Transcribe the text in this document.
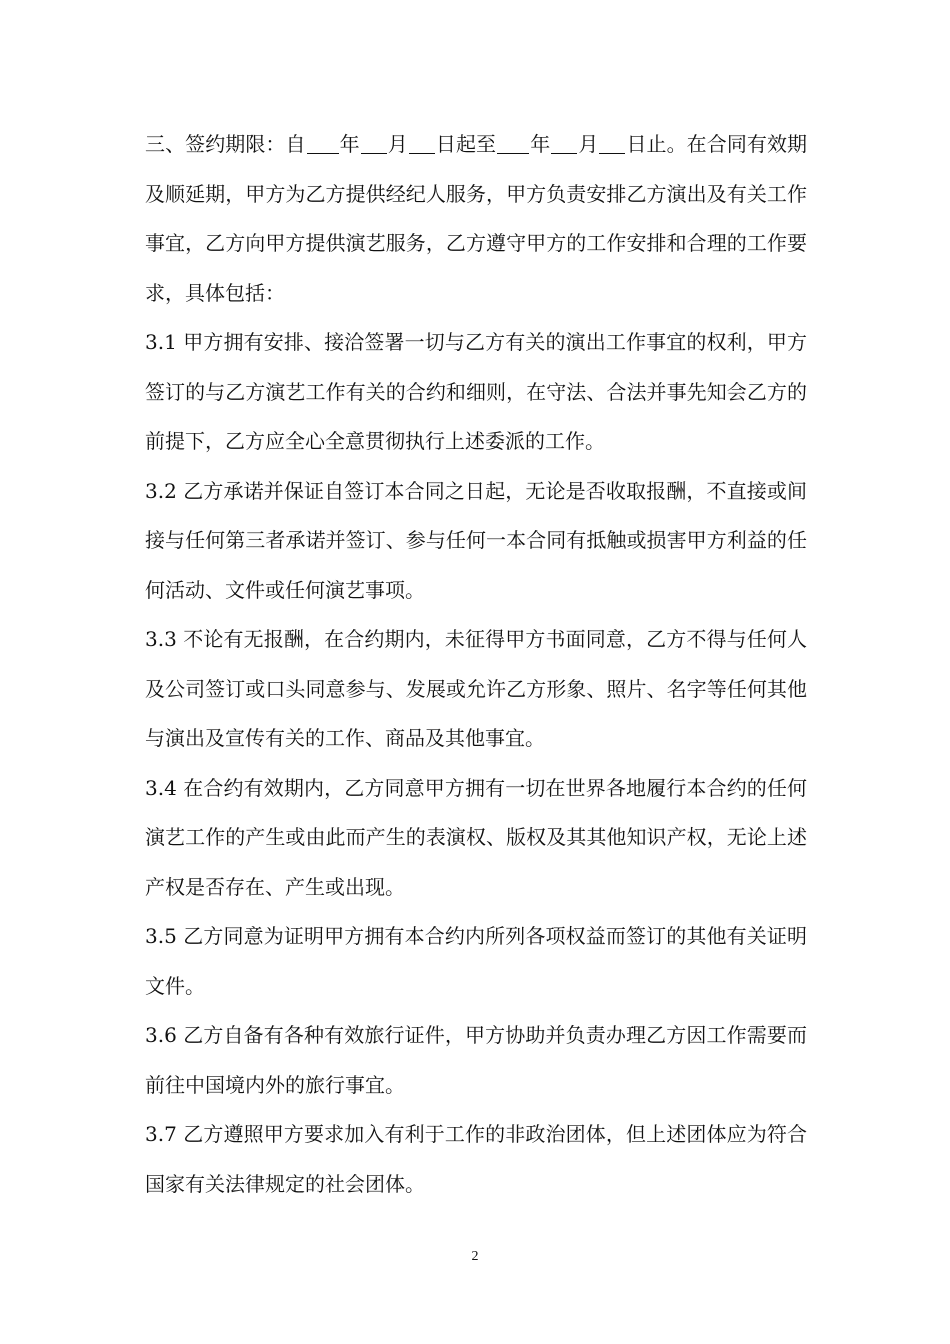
三、签约期限：自 年 月 日起至 年 月 日止。在合同有效期及顺延期，甲方为乙方提供经纪人服务，甲方负责安排乙方演出及有关工作事宜，乙方向甲方提供演艺服务，乙方遵守甲方的工作安排和合理的工作要求，具体包括：

3.1 甲方拥有安排、接洽签署一切与乙方有关的演出工作事宜的权利，甲方签订的与乙方演艺工作有关的合约和细则，在守法、合法并事先知会乙方的前提下，乙方应全心全意贯彻执行上述委派的工作。

3.2 乙方承诺并保证自签订本合同之日起，无论是否收取报酬，不直接或间接与任何第三者承诺并签订、参与任何一本合同有抵触或损害甲方利益的任何活动、文件或任何演艺事项。

3.3 不论有无报酬，在合约期内，未征得甲方书面同意，乙方不得与任何人及公司签订或口头同意参与、发展或允许乙方形象、照片、名字等任何其他与演出及宣传有关的工作、商品及其他事宜。

3.4 在合约有效期内，乙方同意甲方拥有一切在世界各地履行本合约的任何演艺工作的产生或由此而产生的表演权、版权及其其他知识产权，无论上述产权是否存在、产生或出现。

3.5 乙方同意为证明甲方拥有本合约内所列各项权益而签订的其他有关证明文件。

3.6 乙方自备有各种有效旅行证件，甲方协助并负责办理乙方因工作需要而前往中国境内外的旅行事宜。

3.7 乙方遵照甲方要求加入有利于工作的非政治团体，但上述团体应为符合国家有关法律规定的社会团体。

2
